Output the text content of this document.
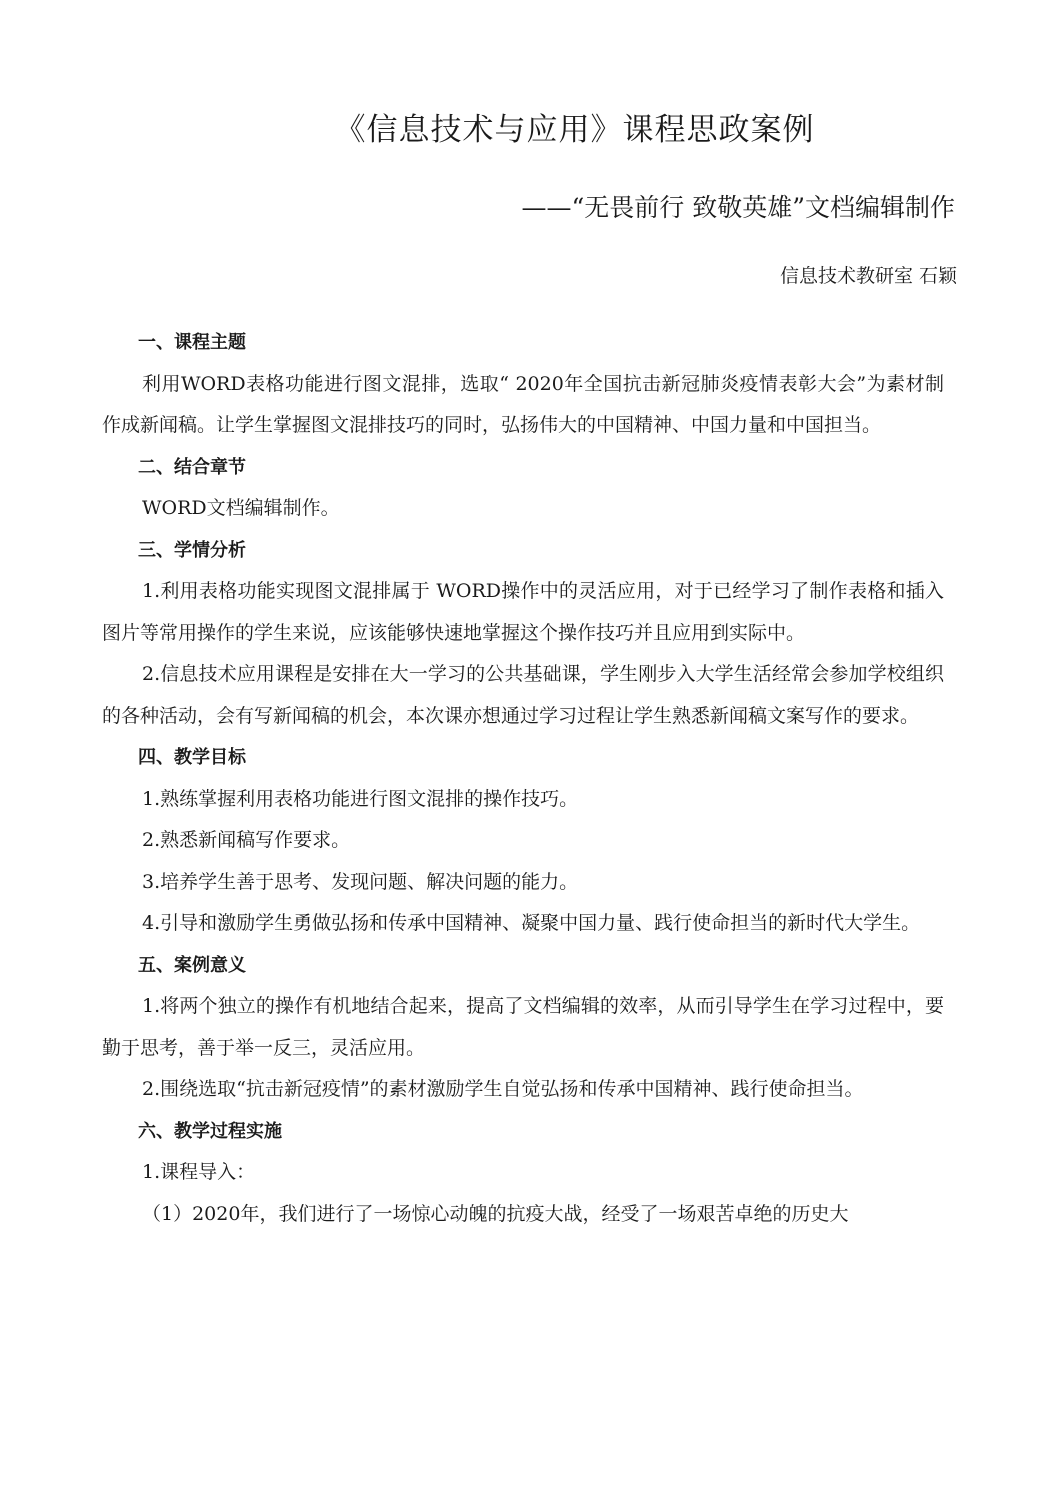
《信息技术与应用》课程思政案例
——“无畏前行 致敬英雄”文档编辑制作
信息技术教研室 石颖

一、课程主题

利用WORD表格功能进行图文混排，选取“ 2020年全国抗击新冠肺炎疫情表彰大会”为素材制作成新闻稿。让学生掌握图文混排技巧的同时，弘扬伟大的中国精神、中国力量和中国担当。

二、结合章节

WORD文档编辑制作。

三、学情分析

1.利用表格功能实现图文混排属于 WORD操作中的灵活应用，对于已经学习了制作表格和插入图片等常用操作的学生来说，应该能够快速地掌握这个操作技巧并且应用到实际中。

2.信息技术应用课程是安排在大一学习的公共基础课，学生刚步入大学生活经常会参加学校组织的各种活动，会有写新闻稿的机会，本次课亦想通过学习过程让学生熟悉新闻稿文案写作的要求。

四、教学目标

1.熟练掌握利用表格功能进行图文混排的操作技巧。

2.熟悉新闻稿写作要求。

3.培养学生善于思考、发现问题、解决问题的能力。

4.引导和激励学生勇做弘扬和传承中国精神、凝聚中国力量、践行使命担当的新时代大学生。

五、案例意义

1.将两个独立的操作有机地结合起来，提高了文档编辑的效率，从而引导学生在学习过程中，要勤于思考，善于举一反三，灵活应用。

2.围绕选取“抗击新冠疫情”的素材激励学生自觉弘扬和传承中国精神、践行使命担当。

六、教学过程实施

1.课程导入：

（1）2020年，我们进行了一场惊心动魄的抗疫大战，经受了一场艰苦卓绝的历史大
